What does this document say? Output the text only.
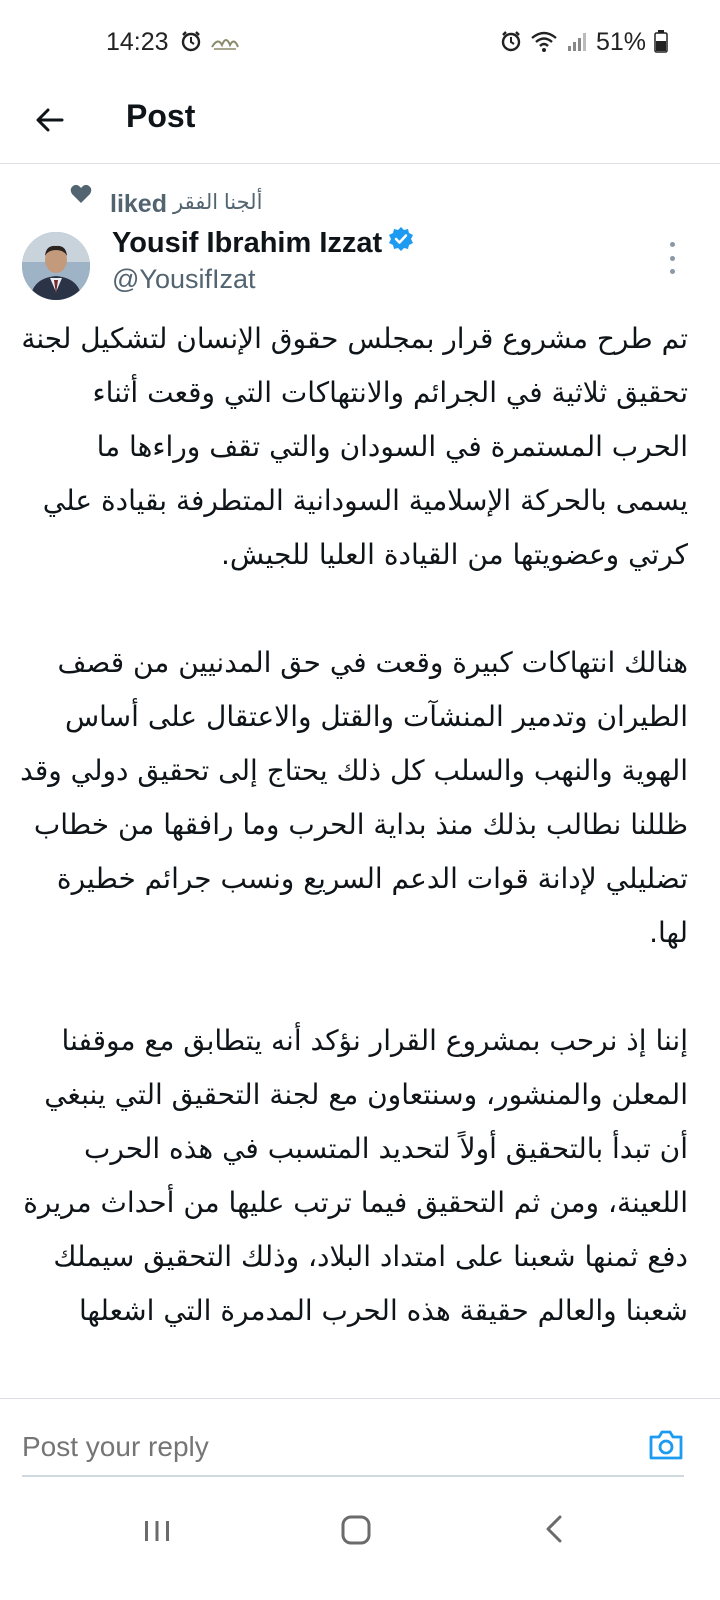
14:23	51%
Post
liked ألجنا الفقر
Yousif Ibrahim Izzat
@YousifIzat

تم طرح مشروع قرار بمجلس حقوق الإنسان لتشكيل لجنة تحقيق ثلاثية في الجرائم والانتهاكات التي وقعت أثناء الحرب المستمرة في السودان والتي تقف وراءها ما يسمى بالحركة الإسلامية السودانية المتطرفة بقيادة علي كرتي وعضويتها من القيادة العليا للجيش.

هنالك انتهاكات كبيرة وقعت في حق المدنيين من قصف الطيران وتدمير المنشآت والقتل والاعتقال على أساس الهوية والنهب والسلب كل ذلك يحتاج إلى تحقيق دولي وقد ظللنا نطالب بذلك منذ بداية الحرب وما رافقها من خطاب تضليلي لإدانة قوات الدعم السريع ونسب جرائم خطيرة لها.

إننا إذ نرحب بمشروع القرار نؤكد أنه يتطابق مع موقفنا المعلن والمنشور، وسنتعاون مع لجنة التحقيق التي ينبغي أن تبدأ بالتحقيق أولاً لتحديد المتسبب في هذه الحرب اللعينة، ومن ثم التحقيق فيما ترتب عليها من أحداث مريرة دفع ثمنها شعبنا على امتداد البلاد، وذلك التحقيق سيملك شعبنا والعالم حقيقة هذه الحرب المدمرة التي اشعلها

Post your reply
